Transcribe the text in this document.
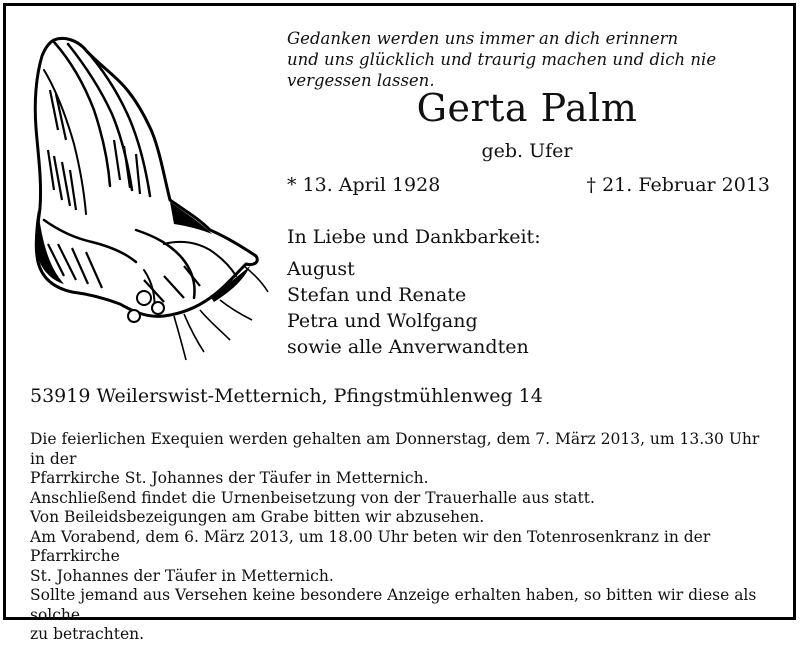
Gedanken werden uns immer an dich erinnern
und uns glücklich und traurig machen und dich nie vergessen lassen.
Gerta Palm
geb. Ufer
* 13. April 1928	† 21. Februar 2013
In Liebe und Dankbarkeit:
August
Stefan und Renate
Petra und Wolfgang
sowie alle Anverwandten
53919 Weilerswist-Metternich, Pfingstmühlenweg 14

Die feierlichen Exequien werden gehalten am Donnerstag, dem 7. März 2013, um 13.30 Uhr in der

Pfarrkirche St. Johannes der Täufer in Metternich.

Anschließend findet die Urnenbeisetzung von der Trauerhalle aus statt.

Von Beileidsbezeigungen am Grabe bitten wir abzusehen.

Am Vorabend, dem 6. März 2013, um 18.00 Uhr beten wir den Totenrosenkranz in der Pfarrkirche

St. Johannes der Täufer in Metternich.

Sollte jemand aus Versehen keine besondere Anzeige erhalten haben, so bitten wir diese als solche

zu betrachten.
